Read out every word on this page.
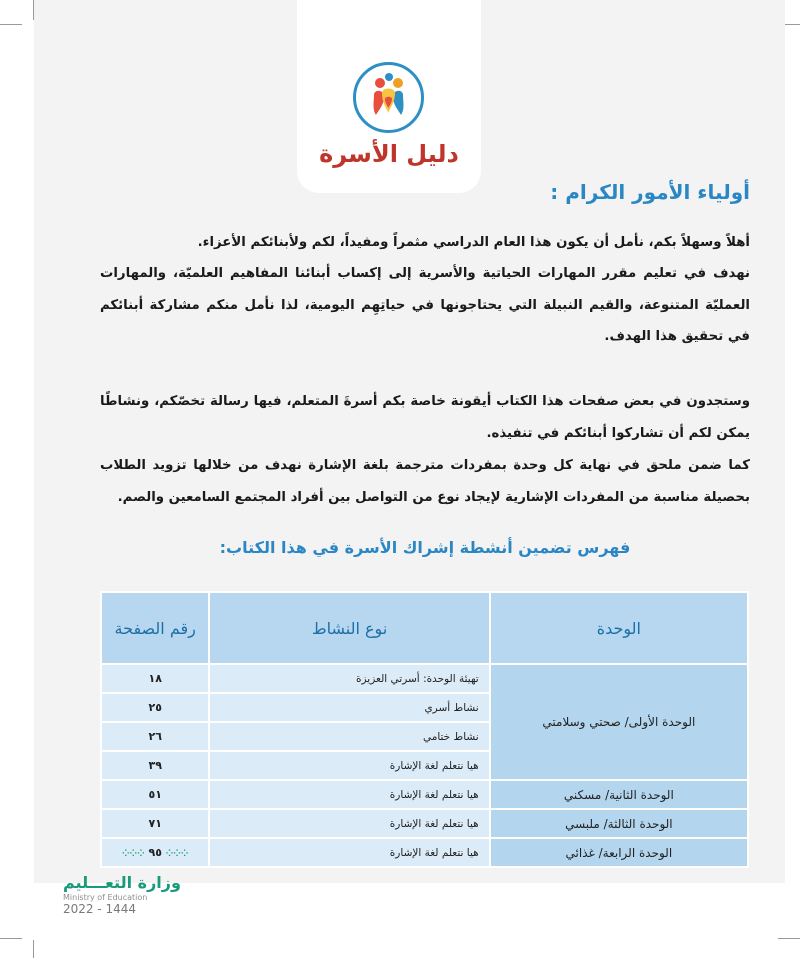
دليل الأسرة
أولياء الأمور الكرام :

أهلاً وسهلاً بكم، نأمل أن يكون هذا العام الدراسي مثمراً ومفيداً، لكم ولأبنائكم الأعزاء.

نهدف في تعليم مقرر المهارات الحياتية والأسرية إلى إكساب أبنائنا المفاهيم العلميّة، والمهارات العمليّة المتنوعة، والقيم النبيلة التي يحتاجونها في حياتِهِم اليومية، لذا نأمل منكم مشاركة أبنائكم في تحقيق هذا الهدف.

وستجدون في بعض صفحات هذا الكتاب أيقونة خاصة بكم أسرةَ المتعلم، فيها رسالة تخصّكم، ونشاطًا يمكن لكم أن تشاركوا أبنائكم في تنفيذه.

كما ضمن ملحق في نهاية كل وحدة بمفردات مترجمة بلغة الإشارة نهدف من خلالها تزويد الطلاب بحصيلة مناسبة من المفردات الإشارية لإيجاد نوع من التواصل بين أفراد المجتمع السامعين والصم.

فهرس تضمين أنشطة إشراك الأسرة في هذا الكتاب:
الوحدة	نوع النشاط	رقم الصفحة
الوحدة الأولى/ صحتي وسلامتي	تهيئة الوحدة: أسرتي العزيزة	١٨
	نشاط أسري	٢٥
	نشاط ختامي	٢٦
	هيا نتعلم لغة الإشارة	٣٩
الوحدة الثانية/ مسكني	هيا نتعلم لغة الإشارة	٥١
الوحدة الثالثة/ ملبسي	هيا نتعلم لغة الإشارة	٧١
الوحدة الرابعة/ غذائي	هيا نتعلم لغة الإشارة	⁘⁘⁘ ٩٥ ⁘⁘⁘
وزارة التعـــليم
Ministry of Education
2022 - 1444
